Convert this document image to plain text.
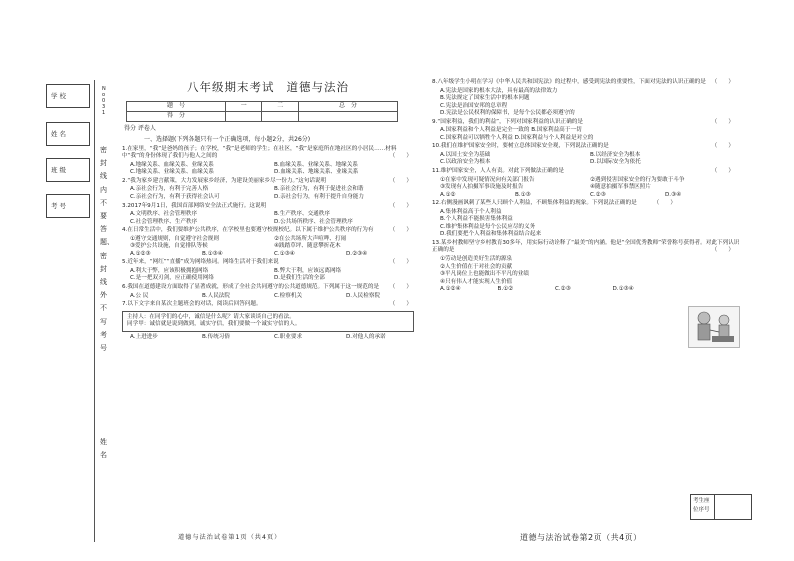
学校
姓名
班级
考号
No 031
密封线内不要答题、密封线外不写考号
姓名
八年级期末考试 道德与法治
题　号	一	二	总　分
得　分			
得分 评卷人
一、选择题(下列各题只有一个正确选项，每小题2分，共26分)
1.在家里，“我”是爸妈的孩子；在学校，“我”是老师的学生；在社区，“我”是家庭所在地社区的小居民……材料中“我”的身份体现了我们与他人之间的	（　　）
A.地缘关系、血缘关系、业缘关系	B.血缘关系、业缘关系、地缘关系
C.地缘关系、业缘关系、血缘关系	D.血缘关系、地缘关系、业缘关系
2.“我为家乡建言献策，大力发展家乡经济，为建设美丽家乡尽一份力。”这句话说明	（　　）
A.亲社会行为，有利于完善人格	B.亲社会行为，有利于促进社会和谐
C.亲社会行为，有利于获得社会认可	D.亲社会行为，有利于提升自身能力
3.2017年9月1日，我国首部网络安全法正式施行。这说明	（　　）
A.文明秩序、社会管理秩序	B.生产秩序、交通秩序
C.社会管理秩序、生产秩序	D.公共场所秩序、社会管理秩序
4.在日常生活中，我们要维护公共秩序，在学校里也要遵守校规校纪。以下属于维护公共秩序的行为有	（　　）
①遵守交通规则，自觉遵守社会规则	②在公共场所大声喧哗、打闹
③爱护公共设施，自觉排队等候	④践踏草坪、随意攀折花木
A.①②③	B.①③④	C.①③④	D.②③④
5.近年来，“网红”“直播”成为网络热词。网络生活对于我们来说	（　　）
A.利大于弊，应该积极拥抱网络	B.弊大于利，应该远离网络
C.是一把双刃剑，应正确使用网络	D.是我们生活的全部
6.我国在道德建设方面取得了显著成就，形成了全社会共同遵守的公共道德规范。下列属于这一规范的是 （　　）
A.公 民	B.人民法院	C.检察机关	D.人民检察院
7.以下文字来自某次主题班会的对话，阅读后回答问题。	（　　）
主持人：在同学们的心中，诚信是什么呢？请大家谈谈自己的看法。
同学甲：诚信就是说到做到，诚实守信，我们要做一个诚实守信的人。
A.上进进步	B.传统习俗	C.职业要求	D.对他人的承诺
道德与法治试卷第1页（共4页）
8.八年级学生小明在学习《中华人民共和国宪法》的过程中，感受到宪法的重要性，下面对宪法的认识正确的是 （　　）
A.宪法是国家的根本大法，具有最高的法律效力
B.宪法规定了国家生活中的根本问题
C.宪法是治国安邦的总章程
D.宪法是公民权利的保障书，是每个公民都必须遵守的
9.“国家利益，我们的利益”，下列对国家利益的认识正确的是	（　　）
A.国家利益和个人利益是完全一致的 B.国家利益高于一切
C.国家利益可以牺牲个人利益 D.国家利益与个人利益是对立的
10.我们在维护国家安全时，要树立总体国家安全观，下列说法正确的是	（　　）
A.以国土安全为基础	B.以经济安全为根本
C.以政治安全为根本	D.以国际安全为依托
11.维护国家安全，人人有责。对此下列做法正确的是	（　　）
①在家中发现可疑情况向有关部门报告	②遇到侵害国家安全的行为要敢于斗争
③发现有人拍摄军事设施及时报告	④随意拍摄军事禁区照片
A.①②	B.①③	C.②③	D.③④
12.右侧漫画讽刺了某些人只顾个人利益，不顾集体利益的现象。下列说法正确的是	（　　）
A.集体利益高于个人利益
B.个人利益不能损害集体利益
C.维护集体利益是每个公民应尽的义务
D.我们要把个人利益和集体利益结合起来
13.某乡村教师坚守乡村教育30多年，用实际行动诠释了“最美”的内涵。他是“全国优秀教师”荣誉称号获得者。对此下列认识正确的是	（　　）
①劳动是创造美好生活的源泉
②人生价值在于对社会的贡献
③平凡岗位上也能做出不平凡的业绩
④只有伟人才能实现人生价值
A.①②④	B.①②	C.②③	D.①③④
考生座位序号
道德与法治试卷第2页（共4页）
